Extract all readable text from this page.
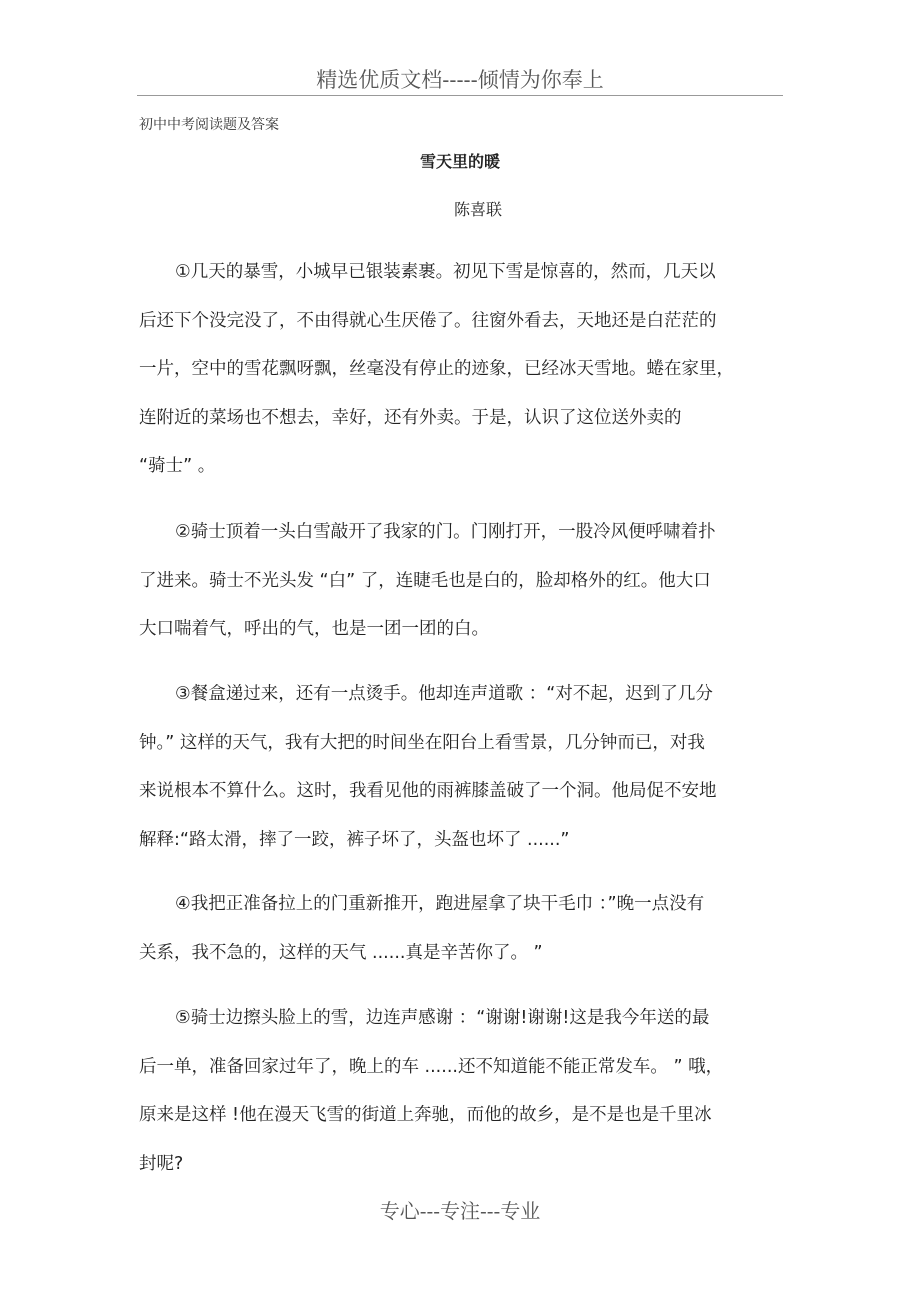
精选优质文档-----倾情为你奉上
初中中考阅读题及答案
雪天里的暖
陈喜联
①几天的暴雪，小城早已银装素裹。初见下雪是惊喜的，然而，几天以
后还下个没完没了，不由得就心生厌倦了。往窗外看去，天地还是白茫茫的
一片，空中的雪花飘呀飘，丝毫没有停止的迹象，已经冰天雪地。蜷在家里，
连附近的菜场也不想去，幸好，还有外卖。于是，认识了这位送外卖的
“骑士” 。
②骑士顶着一头白雪敲开了我家的门。门刚打开，一股冷风便呼啸着扑
了进来。骑士不光头发 “白” 了，连睫毛也是白的，脸却格外的红。他大口
大口喘着气，呼出的气，也是一团一团的白。
③餐盒递过来，还有一点烫手。他却连声道歌 ：“对不起，迟到了几分
钟。” 这样的天气，我有大把的时间坐在阳台上看雪景，几分钟而已，对我
来说根本不算什么。这时，我看见他的雨裤膝盖破了一个洞。他局促不安地
解释:“路太滑，摔了一跤，裤子坏了，头盔也坏了 ......”
④我把正准备拉上的门重新推开，跑进屋拿了块干毛巾 ：”晚一点没有
关系，我不急的，这样的天气 ......真是辛苦你了。 ”
⑤骑士边擦头脸上的雪，边连声感谢 ：“谢谢!谢谢!这是我今年送的最
后一单，准备回家过年了，晚上的车 ......还不知道能不能正常发车。 ” 哦，
原来是这样 !他在漫天飞雪的街道上奔驰，而他的故乡，是不是也是千里冰
封呢?
专心---专注---专业
